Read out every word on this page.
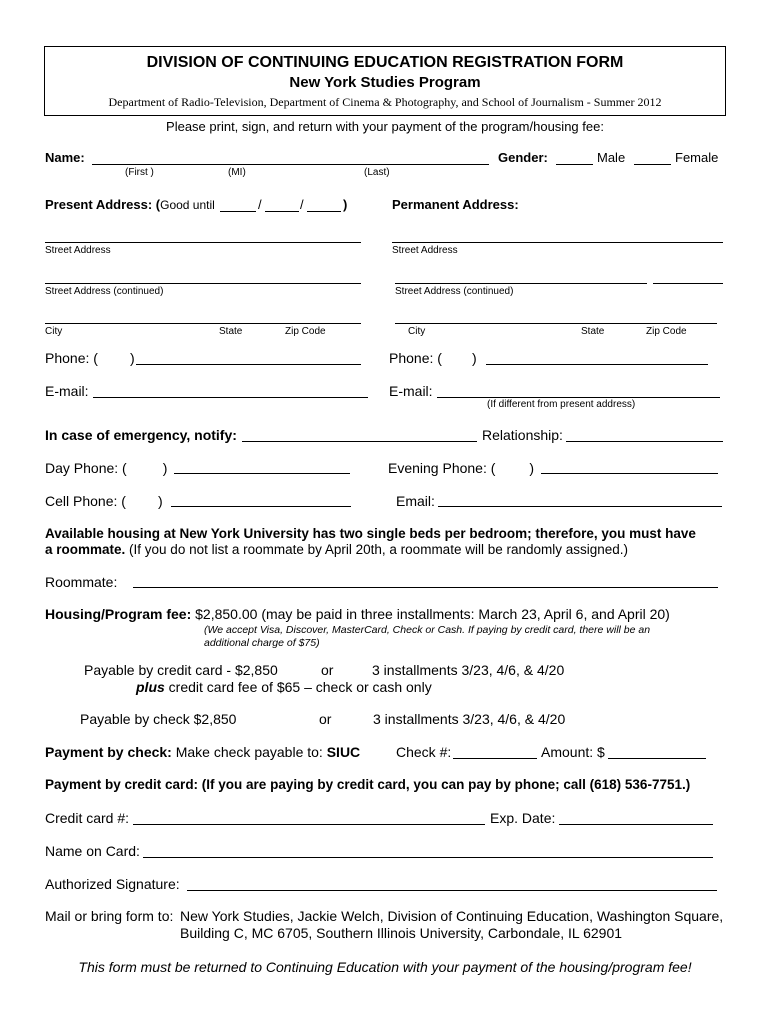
DIVISION OF CONTINUING EDUCATION REGISTRATION FORM
New York Studies Program
Department of Radio-Television, Department of Cinema & Photography, and School of Journalism - Summer 2012
Please print, sign, and return with your payment of the program/housing fee:
Name:
(First )	(MI)	(Last)
Gender:	Male	Female
Present Address: (Good until	/	/	)	Permanent Address:
Street Address	Street Address
Street Address (continued)	Street Address (continued)
City	State	Zip Code	City	State	Zip Code
Phone: ( )	Phone: ( )
E-mail:	E-mail:
(If different from present address)
In case of emergency, notify:	Relationship:
Day Phone: (	)	Evening Phone: ( )
Cell Phone: ( )	Email:
Available housing at New York University has two single beds per bedroom; therefore, you must have
a roommate. (If you do not list a roommate by April 20th, a roommate will be randomly assigned.)
Roommate:
Housing/Program fee: $2,850.00 (may be paid in three installments: March 23, April 6, and April 20)
(We accept Visa, Discover, MasterCard, Check or Cash. If paying by credit card, there will be an
additional charge of $75)
Payable by credit card - $2,850	or	3 installments 3/23, 4/6, & 4/20
plus credit card fee of $65 – check or cash only
Payable by check $2,850	or	3 installments 3/23, 4/6, & 4/20
Payment by check: Make check payable to: SIUC	Check #:	Amount: $
Payment by credit card: (If you are paying by credit card, you can pay by phone; call (618) 536-7751.)
Credit card #:	Exp. Date:
Name on Card:
Authorized Signature:
Mail or bring form to: New York Studies, Jackie Welch, Division of Continuing Education, Washington Square,
Building C, MC 6705, Southern Illinois University, Carbondale, IL 62901
This form must be returned to Continuing Education with your payment of the housing/program fee!
